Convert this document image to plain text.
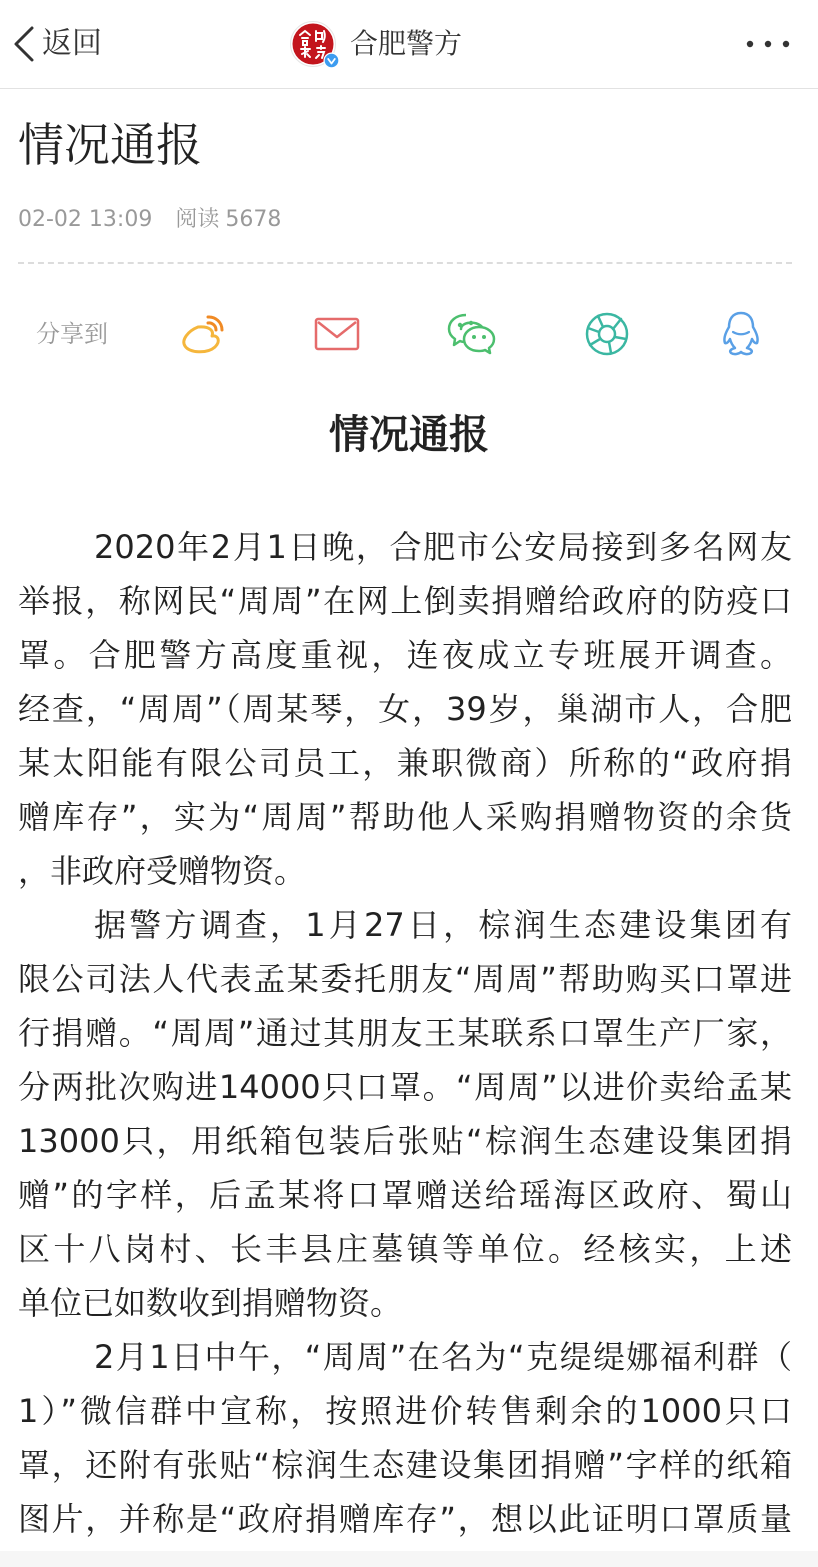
返回	合肥警方
情况通报
02-02 13:09 阅读 5678
分享到
情况通报
2020年2月1日晚，合肥市公安局接到多名网友
举报，称网民“周周”在网上倒卖捐赠给政府的防疫口
罩。合肥警方高度重视，连夜成立专班展开调查。
经查，“周周”（周某琴，女，39岁，巢湖市人，合肥
某太阳能有限公司员工，兼职微商）所称的“政府捐
赠库存”，实为“周周”帮助他人采购捐赠物资的余货
，非政府受赠物资。
据警方调查，1月27日，棕润生态建设集团有
限公司法人代表孟某委托朋友“周周”帮助购买口罩进
行捐赠。“周周”通过其朋友王某联系口罩生产厂家，
分两批次购进14000只口罩。“周周”以进价卖给孟某
13000只，用纸箱包装后张贴“棕润生态建设集团捐
赠”的字样，后孟某将口罩赠送给瑶海区政府、蜀山
区十八岗村、长丰县庄墓镇等单位。经核实，上述
单位已如数收到捐赠物资。
2月1日中午，“周周”在名为“克缇缇娜福利群（
1）”微信群中宣称，按照进价转售剩余的1000只口
罩，还附有张贴“棕润生态建设集团捐赠”字样的纸箱
图片，并称是“政府捐赠库存”，想以此证明口罩质量
